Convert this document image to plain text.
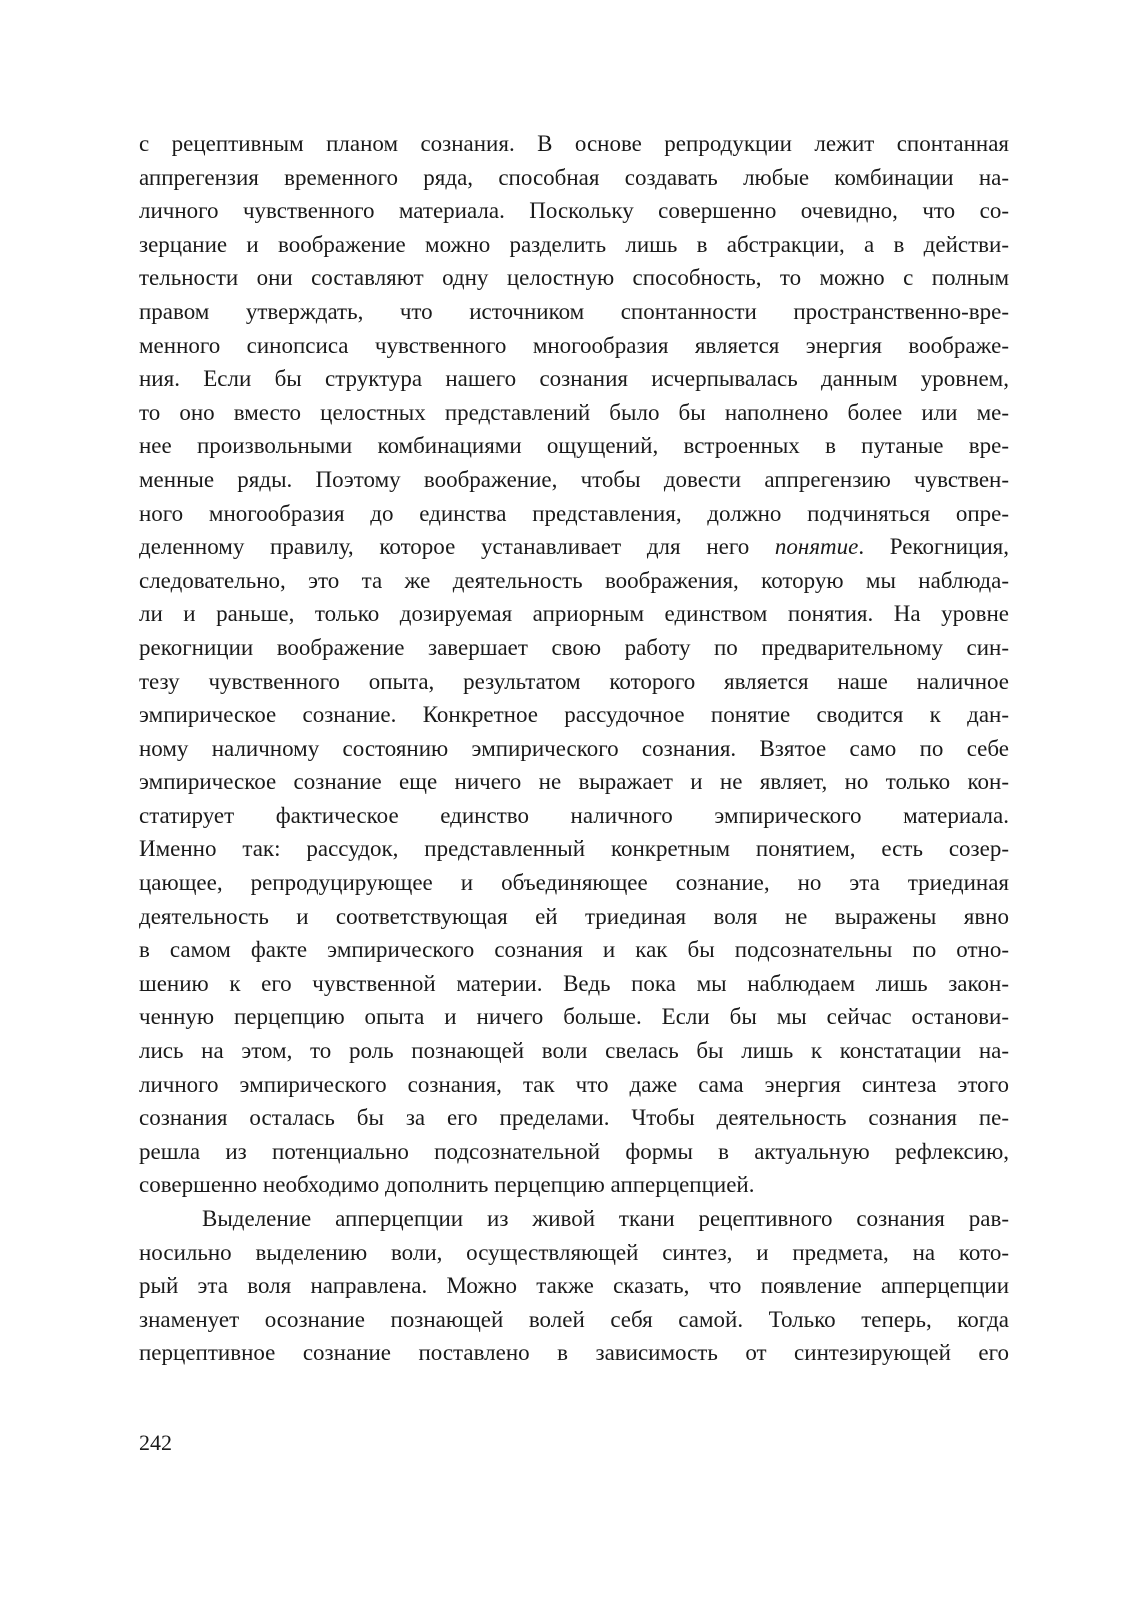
с рецептивным планом сознания. В основе репродукции лежит спонтанная
аппрегензия временного ряда, способная создавать любые комбинации на-
личного чувственного материала. Поскольку совершенно очевидно, что со-
зерцание и воображение можно разделить лишь в абстракции, а в действи-
тельности они составляют одну целостную способность, то можно с полным
правом утверждать, что источником спонтанности пространственно-вре-
менного синопсиса чувственного многообразия является энергия воображе-
ния. Если бы структура нашего сознания исчерпывалась данным уровнем,
то оно вместо целостных представлений было бы наполнено более или ме-
нее произвольными комбинациями ощущений, встроенных в путаные вре-
менные ряды. Поэтому воображение, чтобы довести аппрегензию чувствен-
ного многообразия до единства представления, должно подчиняться опре-
деленному правилу, которое устанавливает для него понятие. Рекогниция,
следовательно, это та же деятельность воображения, которую мы наблюда-
ли и раньше, только дозируемая априорным единством понятия. На уровне
рекогниции воображение завершает свою работу по предварительному син-
тезу чувственного опыта, результатом которого является наше наличное
эмпирическое сознание. Конкретное рассудочное понятие сводится к дан-
ному наличному состоянию эмпирического сознания. Взятое само по себе
эмпирическое сознание еще ничего не выражает и не являет, но только кон-
статирует фактическое единство наличного эмпирического материала.
Именно так: рассудок, представленный конкретным понятием, есть созер-
цающее, репродуцирующее и объединяющее сознание, но эта триединая
деятельность и соответствующая ей триединая воля не выражены явно
в самом факте эмпирического сознания и как бы подсознательны по отно-
шению к его чувственной материи. Ведь пока мы наблюдаем лишь закон-
ченную перцепцию опыта и ничего больше. Если бы мы сейчас останови-
лись на этом, то роль познающей воли свелась бы лишь к констатации на-
личного эмпирического сознания, так что даже сама энергия синтеза этого
сознания осталась бы за его пределами. Чтобы деятельность сознания пе-
решла из потенциально подсознательной формы в актуальную рефлексию,
совершенно необходимо дополнить перцепцию апперцепцией.
Выделение апперцепции из живой ткани рецептивного сознания рав-
носильно выделению воли, осуществляющей синтез, и предмета, на кото-
рый эта воля направлена. Можно также сказать, что появление апперцепции
знаменует осознание познающей волей себя самой. Только теперь, когда
перцептивное сознание поставлено в зависимость от синтезирующей его
242
